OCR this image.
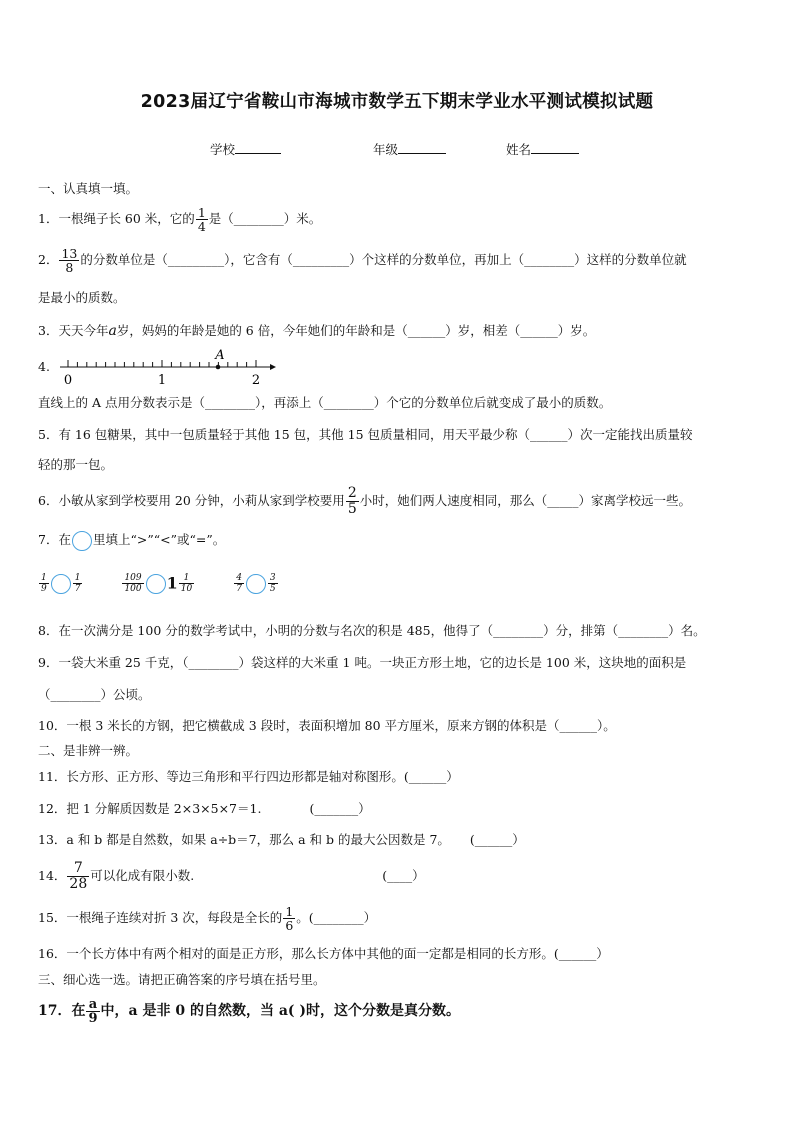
2023届辽宁省鞍山市海城市数学五下期末学业水平测试模拟试题
学校	年级	姓名
一、认真填一填。
1．一根绳子长 60 米，它的 $\frac{1}{4}$ 是（________）米。
2． $\frac{13}{8}$ 的分数单位是（_________），它含有（_________）个这样的分数单位，再加上（________）这样的分数单位就
是最小的质数。
3．天天今年a岁，妈妈的年龄是她的 6 倍，今年她们的年龄和是（______）岁，相差（______）岁。
4.
0	1	2
A
直线上的 A 点用分数表示是（________），再添上（________）个它的分数单位后就变成了最小的质数。
5．有 16 包糖果，其中一包质量轻于其他 15 包，其他 15 包质量相同，用天平最少称（______）次一定能找出质量较
轻的那一包。
6．小敏从家到学校要用 20 分钟，小莉从家到学校要用 $\frac{2}{5}$ 小时，她们两人速度相同，那么（_____）家离学校远一些。
7．在 里填上“>”“<”或“=”。
$\frac{1}{9}$	$\frac{1}{7}$
	$\frac{109}{100} 1 \frac{1}{10}$
	$\frac{4}{7}$	$\frac{3}{5}$
8．在一次满分是 100 分的数学考试中，小明的分数与名次的积是 485，他得了（________）分，排第（________）名。
9．一袋大米重 25 千克，（________）袋这样的大米重 1 吨。一块正方形土地，它的边长是 100 米，这块地的面积是
（________）公顷。
10．一根 3 米长的方钢，把它横截成 3 段时，表面积增加 80 平方厘米，原来方钢的体积是（______）。
二、是非辨一辨。
11．长方形、正方形、等边三角形和平行四边形都是轴对称图形。(______）
12．把 1 分解质因数是 2×3×5×7＝1.	(_______）
13．a 和 b 都是自然数，如果 a÷b＝7，那么 a 和 b 的最大公因数是 7。 (______）
14． $\frac{7}{28}$ 可以化成有限小数.	(____）
15．一根绳子连续对折 3 次，每段是全长的 $\frac{1}{6}$ 。(________）
16．一个长方体中有两个相对的面是正方形，那么长方体中其他的面一定都是相同的长方形。(______）
三、细心选一选。请把正确答案的序号填在括号里。
17．在 $\frac{a}{9}$ 中，a 是非 0 的自然数，当 a( )时，这个分数是真分数。
